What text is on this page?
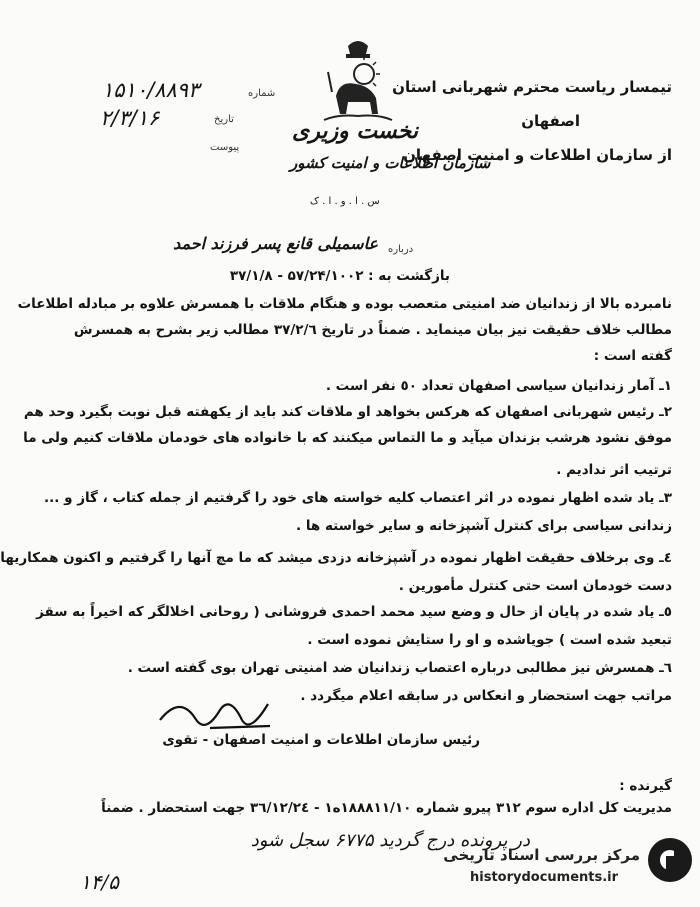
تیمسار ریاست محترم شهربانی استان
اصفهان
از سازمان اطلاعات و امنیت اصفهان
نخست وزیری
سازمان اطلاعات و امنیت کشور
س . ا . و . ا . ک
شماره
۱۵۱۰/۸۸۹۳
تاریخ
۲/۳/۱۶
پیوست
درباره
عاسمیلی قانع پسر فرزند احمد
بازگشت به : ۵۷/۲۴/۱۰۰۲ - ۳۷/۱/۸
نامبرده بالا از زندانیان ضد امنیتی متعصب بوده و هنگام ملاقات با همسرش علاوه بر مبادله اطلاعات
مطالب خلاف حقیقت نیز بیان مینماید . ضمناً در تاریخ ۳۷/۲/٦ مطالب زیر بشرح به همسرش
گفته است :
۱ـ آمار زندانیان سیاسی اصفهان تعداد ٥٠ نفر است .
۲ـ رئیس شهربانی اصفهان که هرکس بخواهد او ملاقات کند باید از یکهفته قبل نوبت بگیرد وحد هم
موفق نشود هرشب بزندان میآید و ما التماس میکنند که با خانواده های خودمان ملاقات کنیم ولی ما
ترتیب اثر ندادیم .
۳ـ یاد شده اظهار نموده در اثر اعتصاب کلیه خواسته های خود را گرفتیم از جمله کتاب ، گاز و ...
زندانی سیاسی برای کنترل آشپزخانه و سایر خواسته ها .
٤ـ وی برخلاف حقیقت اظهار نموده در آشپزخانه دزدی میشد که ما مچ آنها را گرفتیم و اکنون همکاریها
دست خودمان است حتی کنترل مأمورین .
٥ـ یاد شده در پایان از حال و وضع سید محمد احمدی فروشانی ( روحانی اخلالگر که اخیراً به سقز
تبعید شده است ) جویاشده و او را ستایش نموده است .
٦ـ همسرش نیز مطالبی درباره اعتصاب زندانیان ضد امنیتی تهران بوی گفته است .
مراتب جهت استحضار و انعکاس در سابقه اعلام میگردد .
رئیس سازمان اطلاعات و امنیت اصفهان - تقوی
گیرنده :
مدیریت کل اداره سوم ۳۱۲ پیرو شماره ۱۸۸۸۱۱/۱۰ه۱ - ۳٦/۱۲/۲٤ جهت استحضار . ضمناً
در پرونده درج گردید ۶۷۷۵ سجل شود
۱۴/۵
مرکز بررسی اسناد تاریخی
historydocuments.ir
